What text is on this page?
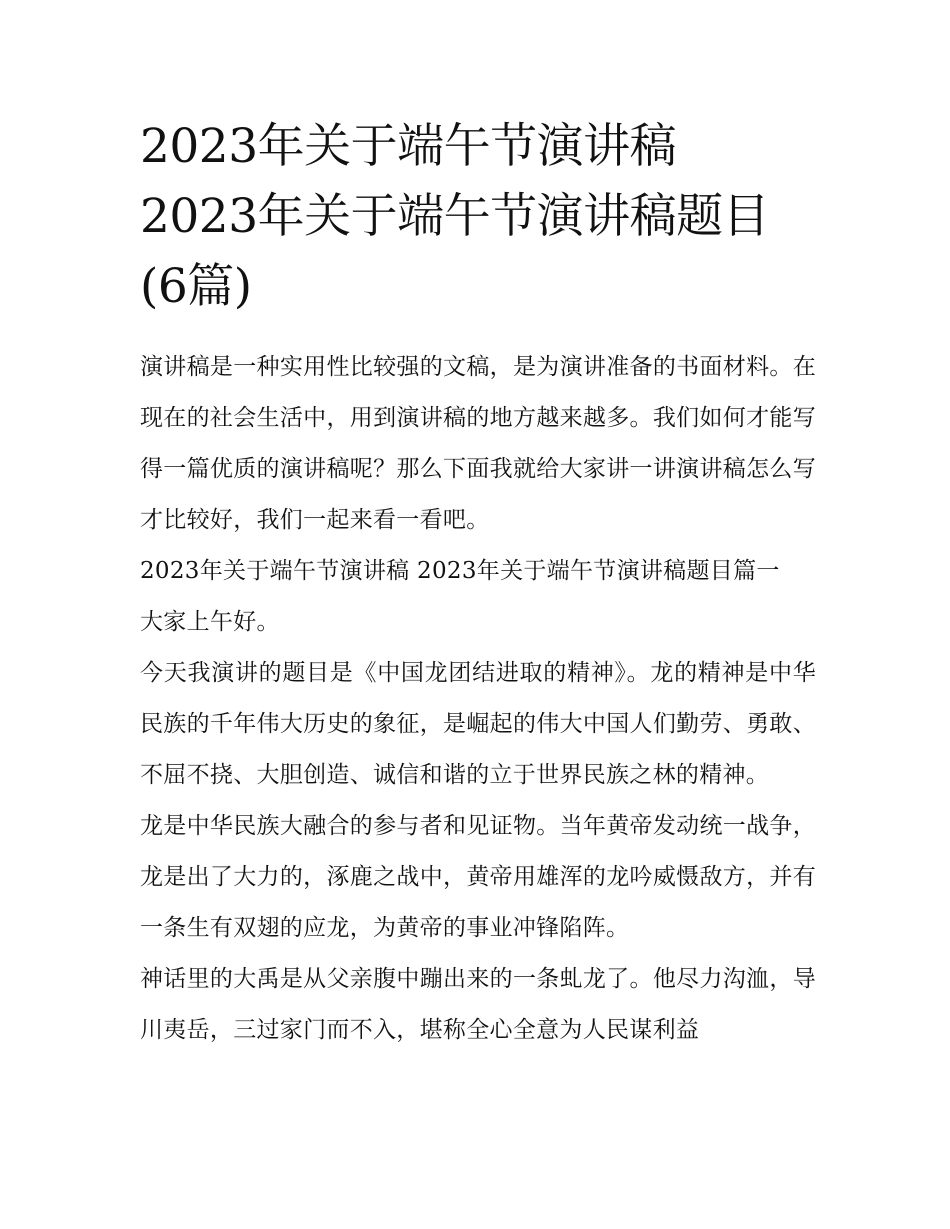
2023年关于端午节演讲稿
2023年关于端午节演讲稿题目
(6篇)

演讲稿是一种实用性比较强的文稿，是为演讲准备的书面材料。在现在的社会生活中，用到演讲稿的地方越来越多。我们如何才能写得一篇优质的演讲稿呢？那么下面我就给大家讲一讲演讲稿怎么写才比较好，我们一起来看一看吧。

2023年关于端午节演讲稿 2023年关于端午节演讲稿题目篇一

大家上午好。

今天我演讲的题目是《中国龙团结进取的精神》。龙的精神是中华民族的千年伟大历史的象征，是崛起的伟大中国人们勤劳、勇敢、不屈不挠、大胆创造、诚信和谐的立于世界民族之林的精神。

龙是中华民族大融合的参与者和见证物。当年黄帝发动统一战争，龙是出了大力的，涿鹿之战中，黄帝用雄浑的龙吟威慑敌方，并有一条生有双翅的应龙，为黄帝的事业冲锋陷阵。

神话里的大禹是从父亲腹中蹦出来的一条虬龙了。他尽力沟洫，导川夷岳，三过家门而不入，堪称全心全意为人民谋利益
